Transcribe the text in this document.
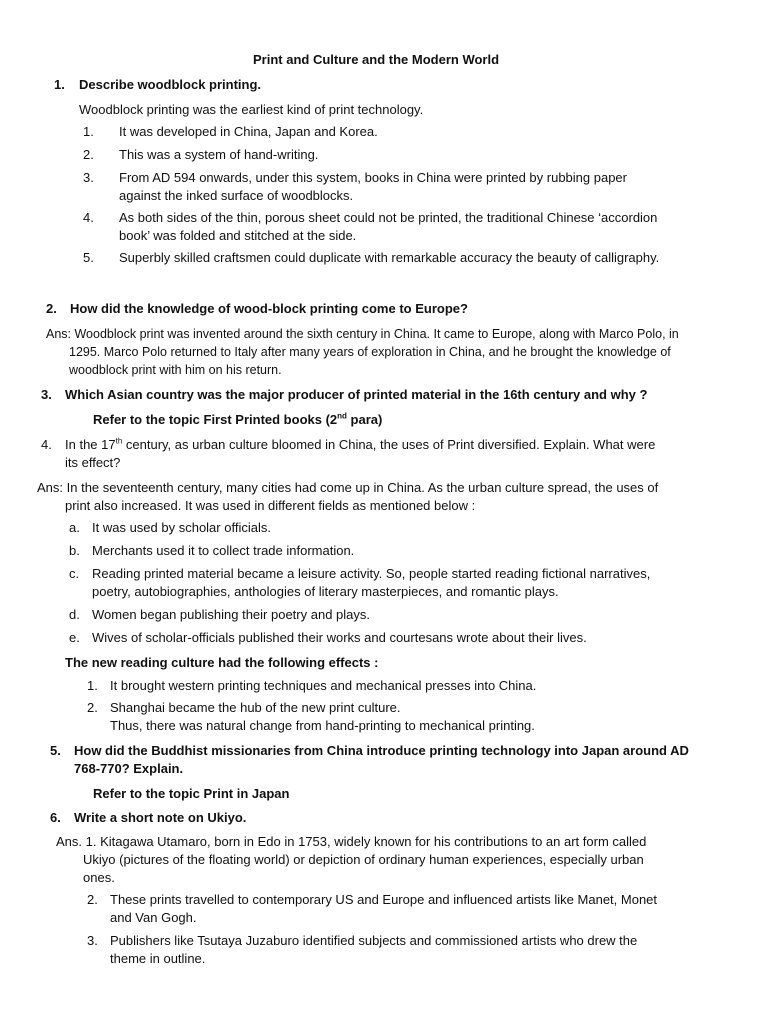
Print and Culture and the Modern World
1. Describe woodblock printing.
Woodblock printing was the earliest kind of print technology.
1. It was developed in China, Japan and Korea.
2. This was a system of hand-writing.
3. From AD 594 onwards, under this system, books in China were printed by rubbing paper
against the inked surface of woodblocks.
4. As both sides of the thin, porous sheet could not be printed, the traditional Chinese ‘accordion
book’ was folded and stitched at the side.
5. Superbly skilled craftsmen could duplicate with remarkable accuracy the beauty of calligraphy.
2. How did the knowledge of wood-block printing come to Europe?
Ans: Woodblock print was invented around the sixth century in China. It came to Europe, along with Marco Polo, in
1295. Marco Polo returned to Italy after many years of exploration in China, and he brought the knowledge of
woodblock print with him on his return.
3. Which Asian country was the major producer of printed material in the 16th century and why ?
Refer to the topic First Printed books (2nd para)
4. In the 17th century, as urban culture bloomed in China, the uses of Print diversified. Explain. What were
its effect?
Ans: In the seventeenth century, many cities had come up in China. As the urban culture spread, the uses of
print also increased. It was used in different fields as mentioned below :
a. It was used by scholar officials.
b. Merchants used it to collect trade information.
c. Reading printed material became a leisure activity. So, people started reading fictional narratives,
poetry, autobiographies, anthologies of literary masterpieces, and romantic plays.
d. Women began publishing their poetry and plays.
e. Wives of scholar-officials published their works and courtesans wrote about their lives.
The new reading culture had the following effects :
1. It brought western printing techniques and mechanical presses into China.
2. Shanghai became the hub of the new print culture.
Thus, there was natural change from hand-printing to mechanical printing.
5. How did the Buddhist missionaries from China introduce printing technology into Japan around AD
768-770? Explain.
Refer to the topic Print in Japan
6. Write a short note on Ukiyo.
Ans. 1. Kitagawa Utamaro, born in Edo in 1753, widely known for his contributions to an art form called
Ukiyo (pictures of the floating world) or depiction of ordinary human experiences, especially urban
ones.
2. These prints travelled to contemporary US and Europe and influenced artists like Manet, Monet
and Van Gogh.
3. Publishers like Tsutaya Juzaburo identified subjects and commissioned artists who drew the
theme in outline.
